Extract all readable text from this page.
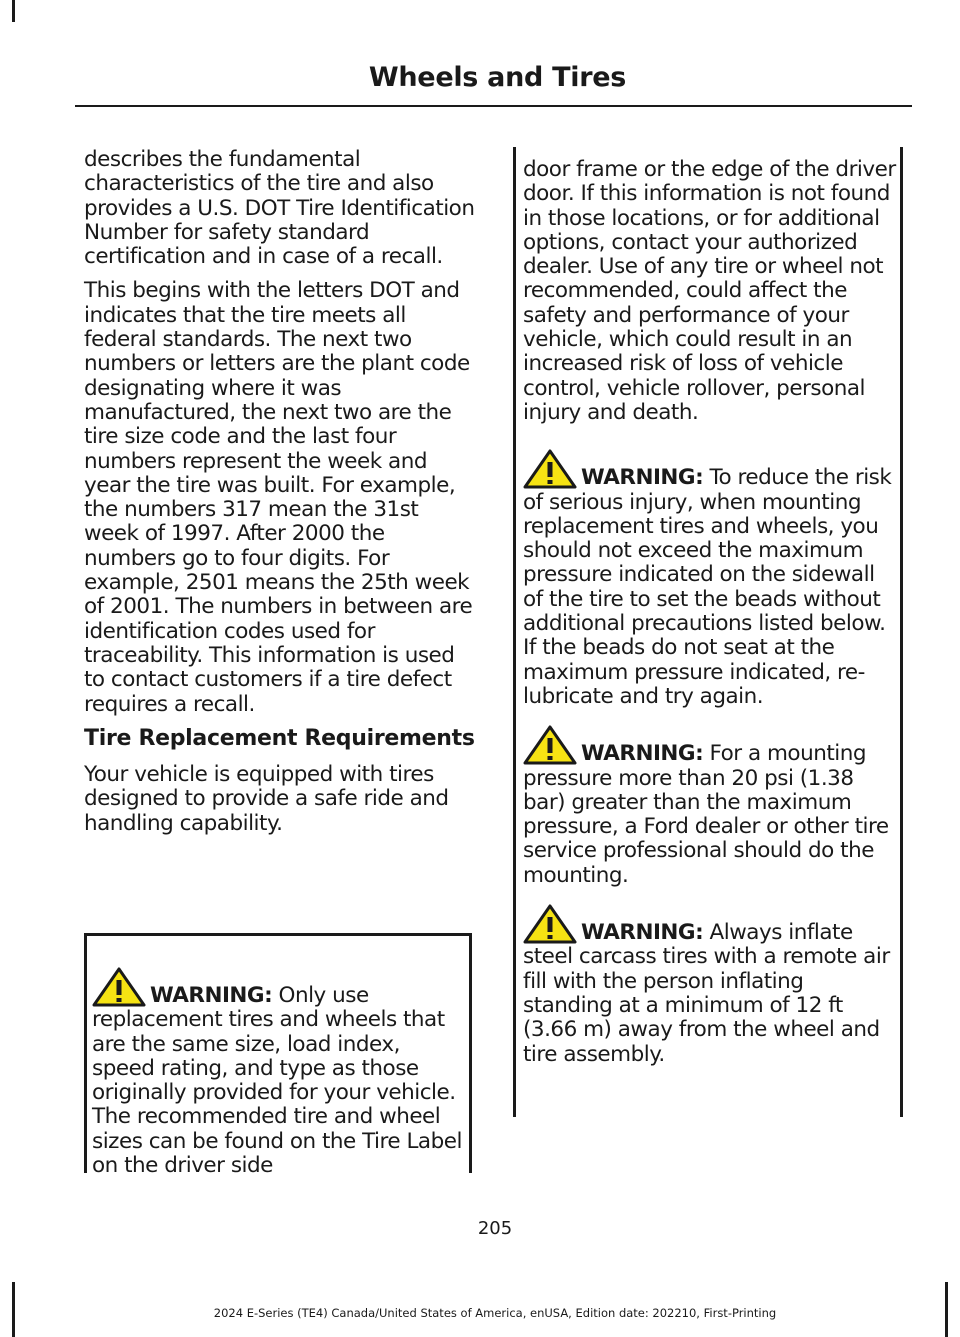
Wheels and Tires

describes the fundamental characteristics of the tire and also provides a U.S. DOT Tire Identification Number for safety standard certification and in case of a recall.

This begins with the letters DOT and indicates that the tire meets all federal standards. The next two numbers or letters are the plant code designating where it was manufactured, the next two are the tire size code and the last four numbers represent the week and year the tire was built. For example, the numbers 317 mean the 31st week of 1997. After 2000 the numbers go to four digits. For example, 2501 means the 25th week of 2001. The numbers in between are identification codes used for traceability. This information is used to contact customers if a tire defect requires a recall.

Tire Replacement Requirements

Your vehicle is equipped with tires designed to provide a safe ride and handling capability.

WARNING: Only use replacement tires and wheels that are the same size, load index, speed rating, and type as those originally provided for your vehicle. The recommended tire and wheel sizes can be found on the Tire Label on the driver side

door frame or the edge of the driver door. If this information is not found in those locations, or for additional options, contact your authorized dealer. Use of any tire or wheel not recommended, could affect the safety and performance of your vehicle, which could result in an increased risk of loss of vehicle control, vehicle rollover, personal injury and death.

WARNING: To reduce the risk of serious injury, when mounting replacement tires and wheels, you should not exceed the maximum pressure indicated on the sidewall of the tire to set the beads without additional precautions listed below. If the beads do not seat at the maximum pressure indicated, re-lubricate and try again.

WARNING: For a mounting pressure more than 20 psi (1.38 bar) greater than the maximum pressure, a Ford dealer or other tire service professional should do the mounting.

WARNING: Always inflate steel carcass tires with a remote air fill with the person inflating standing at a minimum of 12 ft (3.66 m) away from the wheel and tire assembly.

205
2024 E-Series (TE4) Canada/United States of America, enUSA, Edition date: 202210, First-Printing
